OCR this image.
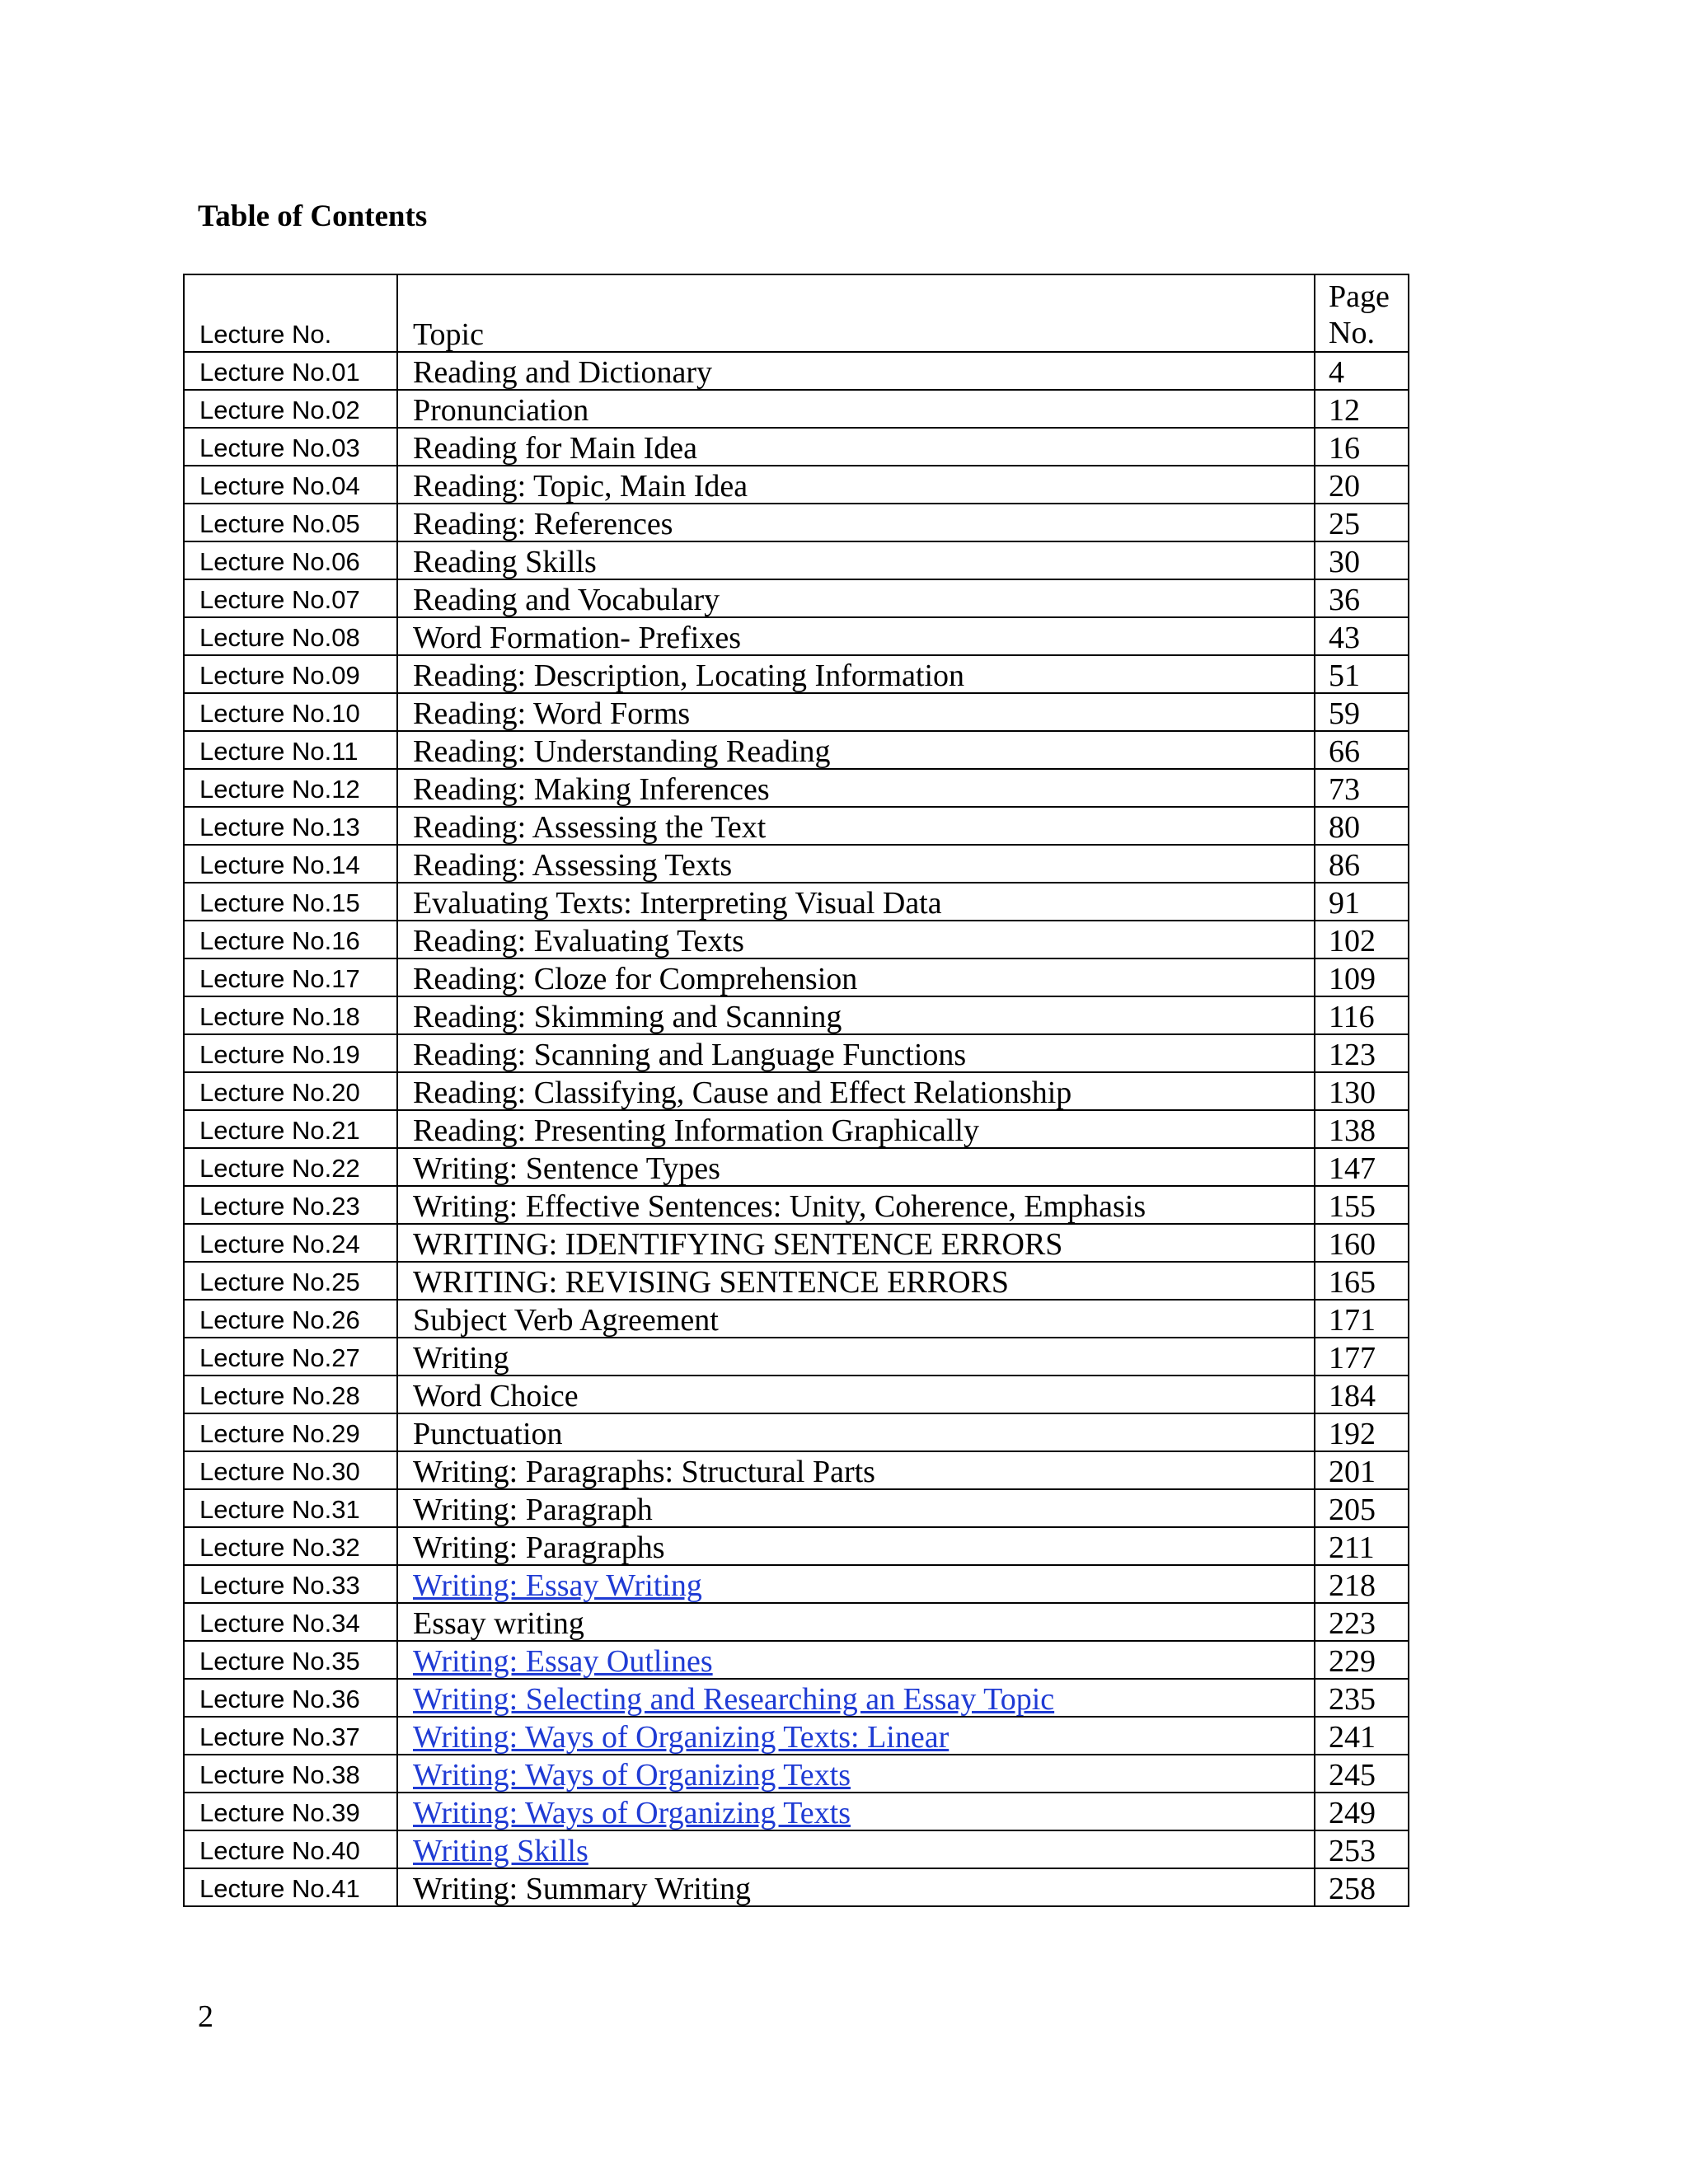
Table of Contents
Lecture No.	Topic	Page
No.
Lecture No.01	Reading and Dictionary	4
Lecture No.02	Pronunciation	12
Lecture No.03	Reading for Main Idea	16
Lecture No.04	Reading: Topic, Main Idea	20
Lecture No.05	Reading: References	25
Lecture No.06	Reading Skills	30
Lecture No.07	Reading and Vocabulary	36
Lecture No.08	Word Formation- Prefixes	43
Lecture No.09	Reading: Description, Locating Information	51
Lecture No.10	Reading: Word Forms	59
Lecture No.11	Reading: Understanding Reading	66
Lecture No.12	Reading: Making Inferences	73
Lecture No.13	Reading: Assessing the Text	80
Lecture No.14	Reading: Assessing Texts	86
Lecture No.15	Evaluating Texts: Interpreting Visual Data	91
Lecture No.16	Reading: Evaluating Texts	102
Lecture No.17	Reading: Cloze for Comprehension	109
Lecture No.18	Reading: Skimming and Scanning	116
Lecture No.19	Reading: Scanning and Language Functions	123
Lecture No.20	Reading: Classifying, Cause and Effect Relationship	130
Lecture No.21	Reading: Presenting Information Graphically	138
Lecture No.22	Writing: Sentence Types	147
Lecture No.23	Writing: Effective Sentences: Unity, Coherence, Emphasis	155
Lecture No.24	WRITING: IDENTIFYING SENTENCE ERRORS	160
Lecture No.25	WRITING: REVISING SENTENCE ERRORS	165
Lecture No.26	Subject Verb Agreement	171
Lecture No.27	Writing	177
Lecture No.28	Word Choice	184
Lecture No.29	Punctuation	192
Lecture No.30	Writing: Paragraphs: Structural Parts	201
Lecture No.31	Writing: Paragraph	205
Lecture No.32	Writing: Paragraphs	211
Lecture No.33	Writing: Essay Writing	218
Lecture No.34	Essay writing	223
Lecture No.35	Writing: Essay Outlines	229
Lecture No.36	Writing: Selecting and Researching an Essay Topic	235
Lecture No.37	Writing: Ways of Organizing Texts: Linear	241
Lecture No.38	Writing: Ways of Organizing Texts	245
Lecture No.39	Writing: Ways of Organizing Texts	249
Lecture No.40	Writing Skills	253
Lecture No.41	Writing: Summary Writing	258
2
